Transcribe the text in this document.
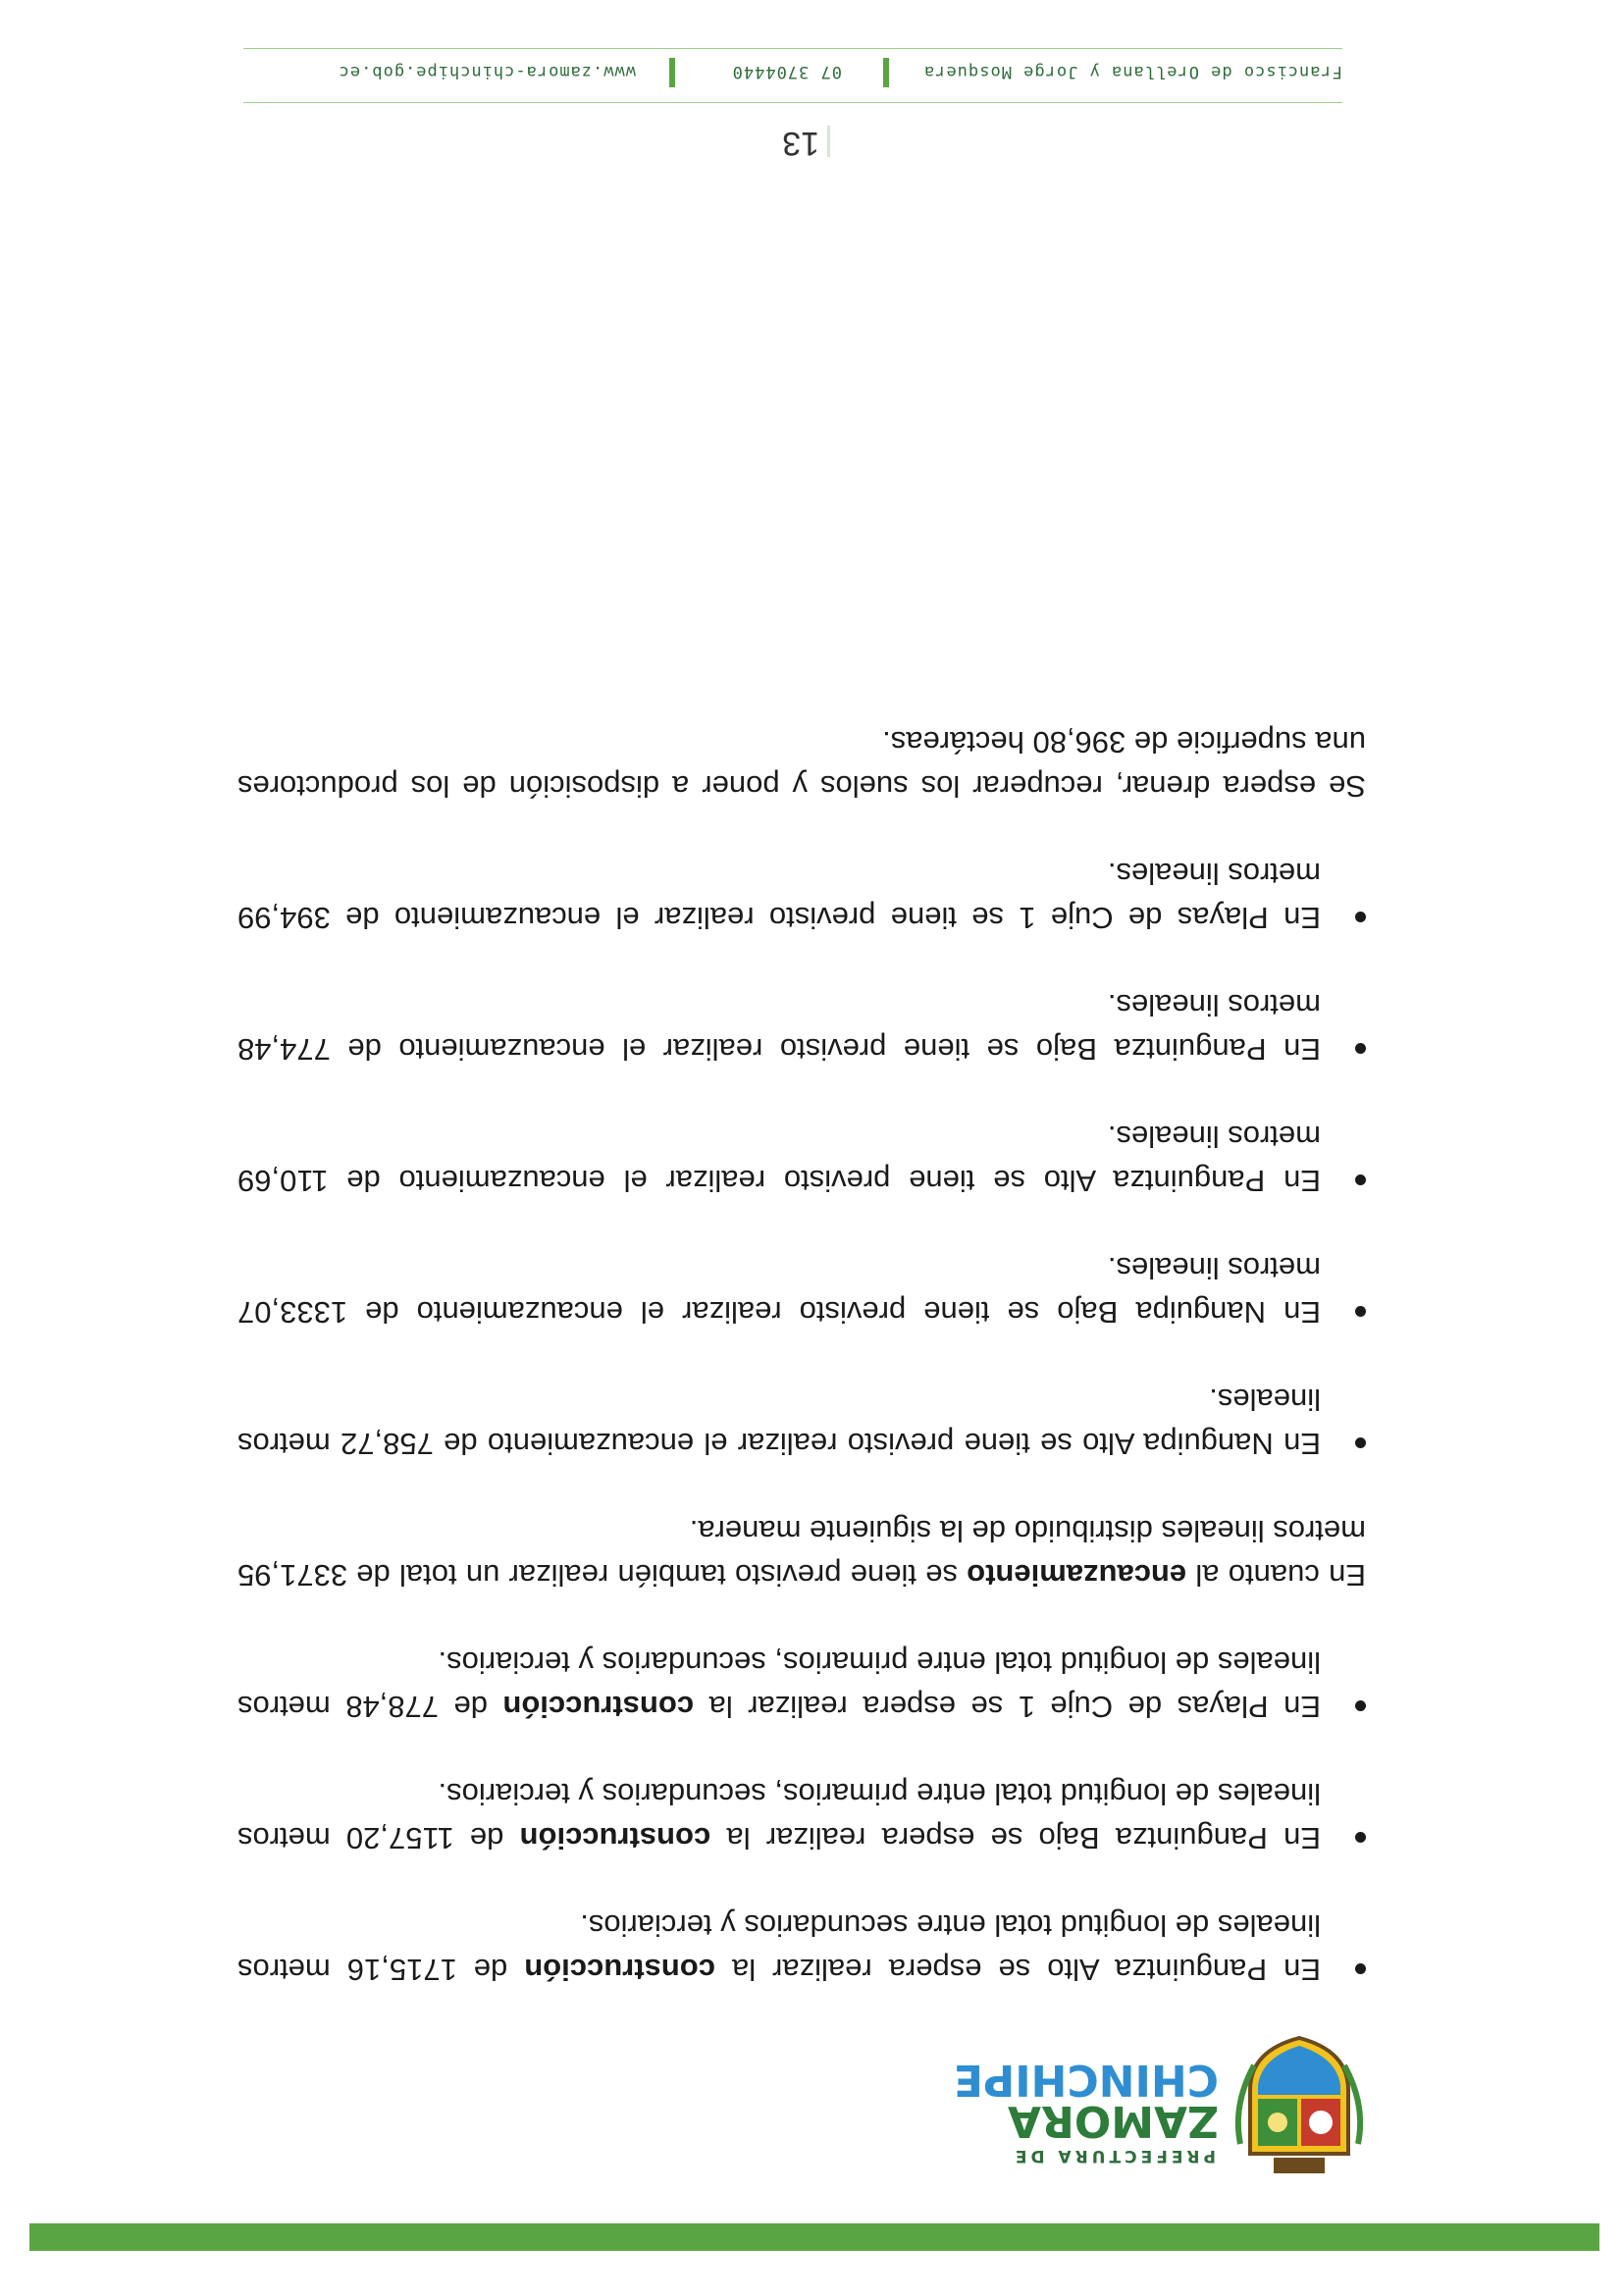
PREFECTURA DE
ZAMORA
CHINCHIPE
En Panguintza Alto se espera realizar la construcción de 1715,16 metros lineales de longitud total entre secundarios y terciarios.
En Panguintza Bajo se espera realizar la construcción de 1157,20 metros lineales de longitud total entre primarios, secundarios y terciarios.
En Playas de Cuje 1 se espera realizar la construcción de 778,48 metros lineales de longitud total entre primarios, secundarios y terciarios.
En cuanto al encauzamiento se tiene previsto también realizar un total de 3371,95 metros lineales distribuido de la siguiente manera.
En Nanguipa Alto se tiene previsto realizar el encauzamiento de 758,72 metros lineales.
En Nanguipa Bajo se tiene previsto realizar el encauzamiento de 1333,07 metros lineales.
En Panguintza Alto se tiene previsto realizar el encauzamiento de 110,69 metros lineales.
En Panguintza Bajo se tiene previsto realizar el encauzamiento de 774,48 metros lineales.
En Playas de Cuje 1 se tiene previsto realizar el encauzamiento de 394,99 metros lineales.
Se espera drenar, recuperar los suelos y poner a disposición de los productores una superficie de 396,80 hectáreas.
13
Francisco de Orellana y Jorge Mosquera
07 3704440
www.zamora-chinchipe.gob.ec
